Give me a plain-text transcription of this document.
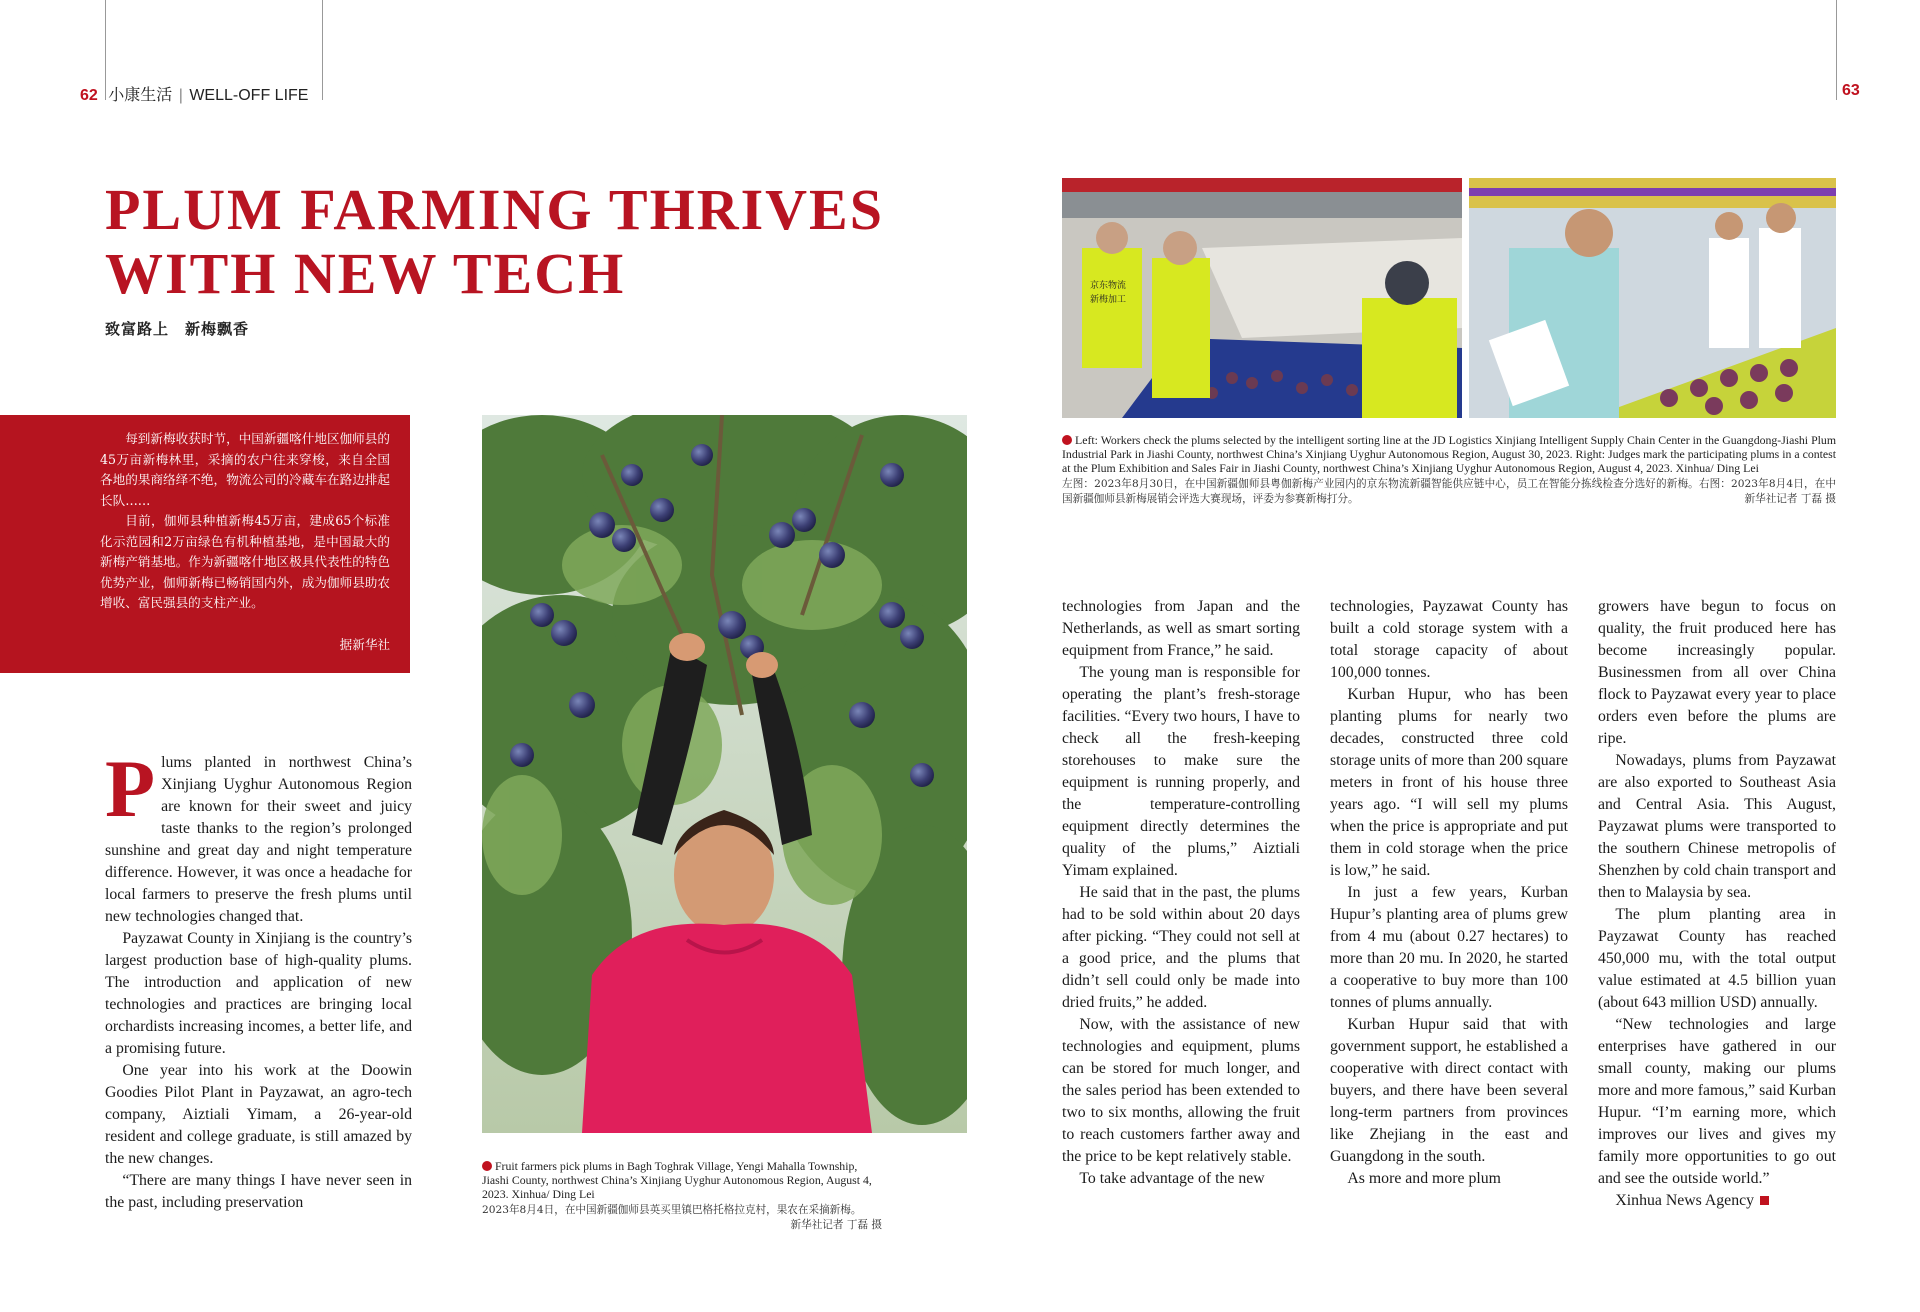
62 小康生活 | WELL-OFF LIFE	63
PLUM FARMING THRIVES
WITH NEW TECH
致富路上　新梅飘香

每到新梅收获时节，中国新疆喀什地区伽师县的45万亩新梅林里，采摘的农户往来穿梭，来自全国各地的果商络绎不绝，物流公司的冷藏车在路边排起长队……

目前，伽师县种植新梅45万亩，建成65个标准化示范园和2万亩绿色有机种植基地，是中国最大的新梅产销基地。作为新疆喀什地区极具代表性的特色优势产业，伽师新梅已畅销国内外，成为伽师县助农增收、富民强县的支柱产业。

据新华社

京东物流
新梅加工
Left: Workers check the plums selected by the intelligent sorting line at the JD Logistics Xinjiang Intelligent Supply Chain Center in the Guangdong-Jiashi Plum Industrial Park in Jiashi County, northwest China’s Xinjiang Uyghur Autonomous Region, August 30, 2023. Right: Judges mark the participating plums in a contest at the Plum Exhibition and Sales Fair in Jiashi County, northwest China’s Xinjiang Uyghur Autonomous Region, August 4, 2023. Xinhua/ Ding Lei
左图：2023年8月30日，在中国新疆伽师县粤伽新梅产业园内的京东物流新疆智能供应链中心，员工在智能分拣线检查分选好的新梅。右图：2023年8月4日，在中国新疆伽师县新梅展销会评选大赛现场，评委为参赛新梅打分。	新华社记者 丁磊 摄
Fruit farmers pick plums in Bagh Toghrak Village, Yengi Mahalla Township, Jiashi County, northwest China’s Xinjiang Uyghur Autonomous Region, August 4, 2023. Xinhua/ Ding Lei
2023年8月4日，在中国新疆伽师县英买里镇巴格托格拉克村，果农在采摘新梅。
新华社记者 丁磊 摄

Plums planted in northwest China’s Xinjiang Uyghur Autonomous Region are known for their sweet and juicy taste thanks to the region’s prolonged sunshine and great day and night temperature difference. However, it was once a headache for local farmers to preserve the fresh plums until new technologies changed that.

Payzawat County in Xinjiang is the country’s largest production base of high-quality plums. The introduction and application of new technologies and practices are bringing local orchardists increasing incomes, a better life, and a promising future.

One year into his work at the Doowin Goodies Pilot Plant in Payzawat, an agro-tech company, Aiztiali Yimam, a 26-year-old resident and college graduate, is still amazed by the new changes.

“There are many things I have never seen in the past, including preservation

technologies from Japan and the Netherlands, as well as smart sorting equipment from France,” he said.

The young man is responsible for operating the plant’s fresh-storage facilities. “Every two hours, I have to check all the fresh-keeping storehouses to make sure the equipment is running properly, and the temperature-controlling equipment directly determines the quality of the plums,” Aiztiali Yimam explained.

He said that in the past, the plums had to be sold within about 20 days after picking. “They could not sell at a good price, and the plums that didn’t sell could only be made into dried fruits,” he added.

Now, with the assistance of new technologies and equipment, plums can be stored for much longer, and the sales period has been extended to two to six months, allowing the fruit to reach customers farther away and the price to be kept relatively stable.

To take advantage of the new

technologies, Payzawat County has built a cold storage system with a total storage capacity of about 100,000 tonnes.

Kurban Hupur, who has been planting plums for nearly two decades, constructed three cold storage units of more than 200 square meters in front of his house three years ago. “I will sell my plums when the price is appropriate and put them in cold storage when the price is low,” he said.

In just a few years, Kurban Hupur’s planting area of plums grew from 4 mu (about 0.27 hectares) to more than 20 mu. In 2020, he started a cooperative to buy more than 100 tonnes of plums annually.

Kurban Hupur said that with government support, he established a cooperative with direct contact with buyers, and there have been several long-term partners from provinces like Zhejiang in the east and Guangdong in the south.

As more and more plum

growers have begun to focus on quality, the fruit produced here has become increasingly popular. Businessmen from all over China flock to Payzawat every year to place orders even before the plums are ripe.

Nowadays, plums from Payzawat are also exported to Southeast Asia and Central Asia. This August, Payzawat plums were transported to the southern Chinese metropolis of Shenzhen by cold chain transport and then to Malaysia by sea.

The plum planting area in Payzawat County has reached 450,000 mu, with the total output value estimated at 4.5 billion yuan (about 643 million USD) annually.

“New technologies and large enterprises have gathered in our small county, making our plums more and more famous,” said Kurban Hupur. “I’m earning more, which improves our lives and gives my family more opportunities to go out and see the outside world.”

Xinhua News Agency
